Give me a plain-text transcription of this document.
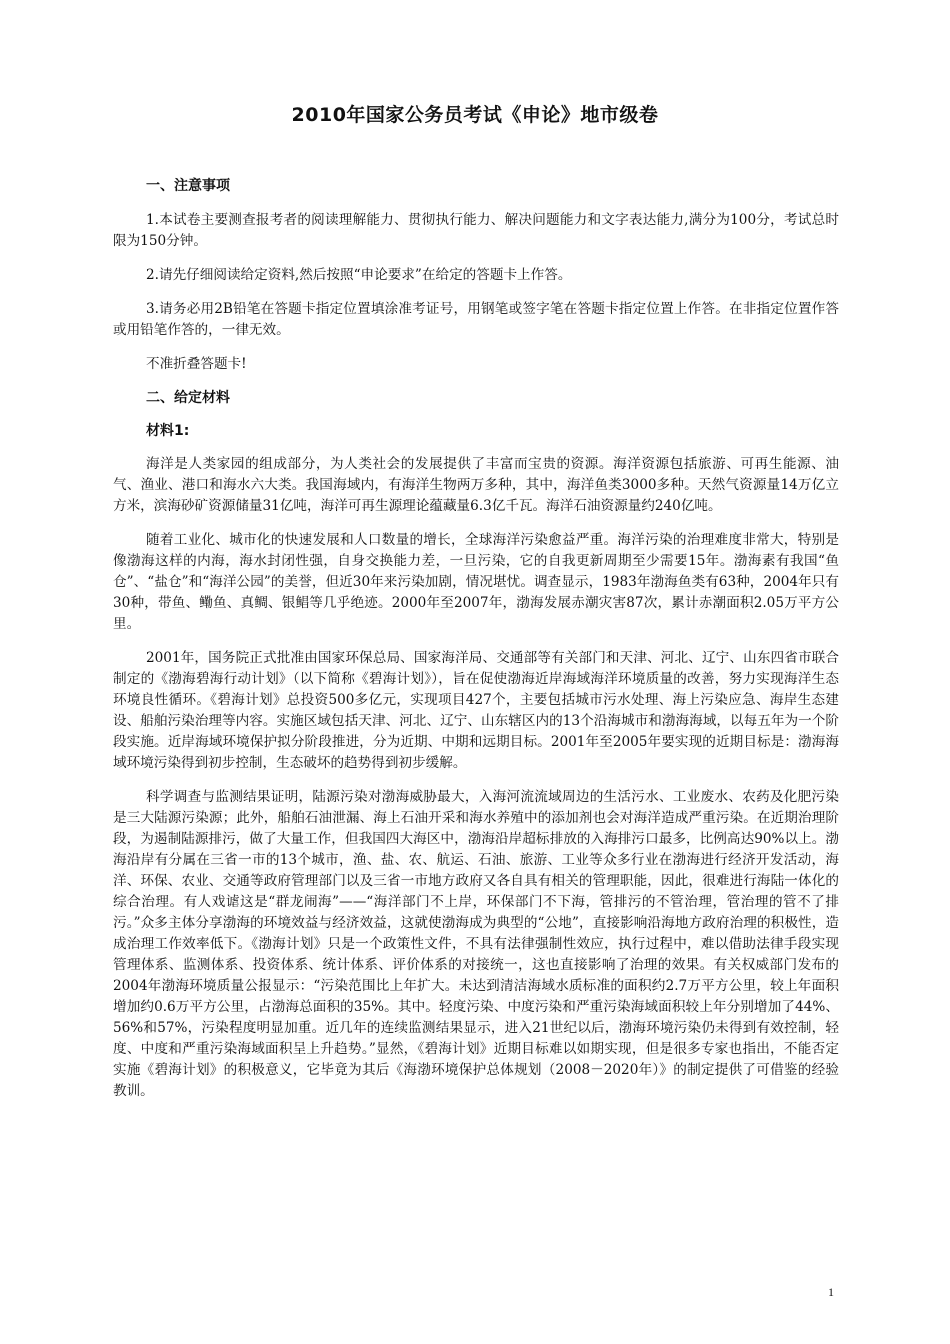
2010年国家公务员考试《申论》地市级卷

一、注意事项

1.本试卷主要测查报考者的阅读理解能力、贯彻执行能力、解决问题能力和文字表达能力,满分为100分，考试总时限为150分钟。

2.请先仔细阅读给定资料,然后按照“申论要求”在给定的答题卡上作答。

3.请务必用2B铅笔在答题卡指定位置填涂准考证号，用钢笔或签字笔在答题卡指定位置上作答。在非指定位置作答或用铅笔作答的，一律无效。

不准折叠答题卡!

二、给定材料

材料1:

海洋是人类家园的组成部分，为人类社会的发展提供了丰富而宝贵的资源。海洋资源包括旅游、可再生能源、油气、渔业、港口和海水六大类。我国海域内，有海洋生物两万多种，其中，海洋鱼类3000多种。天然气资源量14万亿立方米，滨海砂矿资源储量31亿吨，海洋可再生源理论蕴藏量6.3亿千瓦。海洋石油资源量约240亿吨。

随着工业化、城市化的快速发展和人口数量的增长，全球海洋污染愈益严重。海洋污染的治理难度非常大，特别是像渤海这样的内海，海水封闭性强，自身交换能力差，一旦污染，它的自我更新周期至少需要15年。渤海素有我国“鱼仓”、“盐仓”和“海洋公园”的美誉，但近30年来污染加剧，情况堪忧。调查显示，1983年渤海鱼类有63种，2004年只有30种，带鱼、鳓鱼、真鲷、银鲳等几乎绝迹。2000年至2007年，渤海发展赤潮灾害87次，累计赤潮面积2.05万平方公里。

2001年，国务院正式批准由国家环保总局、国家海洋局、交通部等有关部门和天津、河北、辽宁、山东四省市联合制定的《渤海碧海行动计划》（以下简称《碧海计划》），旨在促使渤海近岸海域海洋环境质量的改善，努力实现海洋生态环境良性循环。《碧海计划》总投资500多亿元，实现项目427个，主要包括城市污水处理、海上污染应急、海岸生态建设、船舶污染治理等内容。实施区域包括天津、河北、辽宁、山东辖区内的13个沿海城市和渤海海域，以每五年为一个阶段实施。近岸海域环境保护拟分阶段推进，分为近期、中期和远期目标。2001年至2005年要实现的近期目标是：渤海海域环境污染得到初步控制，生态破坏的趋势得到初步缓解。

科学调查与监测结果证明，陆源污染对渤海威胁最大，入海河流流域周边的生活污水、工业废水、农药及化肥污染是三大陆源污染源；此外，船舶石油泄漏、海上石油开采和海水养殖中的添加剂也会对海洋造成严重污染。在近期治理阶段，为遏制陆源排污，做了大量工作，但我国四大海区中，渤海沿岸超标排放的入海排污口最多，比例高达90%以上。渤海沿岸有分属在三省一市的13个城市，渔、盐、农、航运、石油、旅游、工业等众多行业在渤海进行经济开发活动，海洋、环保、农业、交通等政府管理部门以及三省一市地方政府又各自具有相关的管理职能，因此，很难进行海陆一体化的综合治理。有人戏谑这是“群龙闹海”——“海洋部门不上岸，环保部门不下海，管排污的不管治理，管治理的管不了排污。”众多主体分享渤海的环境效益与经济效益，这就使渤海成为典型的“公地”，直接影响沿海地方政府治理的积极性，造成治理工作效率低下。《渤海计划》只是一个政策性文件，不具有法律强制性效应，执行过程中，难以借助法律手段实现管理体系、监测体系、投资体系、统计体系、评价体系的对接统一，这也直接影响了治理的效果。有关权威部门发布的2004年渤海环境质量公报显示：“污染范围比上年扩大。未达到清洁海域水质标准的面积约2.7万平方公里，较上年面积增加约0.6万平方公里，占渤海总面积的35%。其中。轻度污染、中度污染和严重污染海域面积较上年分别增加了44%、56%和57%，污染程度明显加重。近几年的连续监测结果显示，进入21世纪以后，渤海环境污染仍未得到有效控制，轻度、中度和严重污染海域面积呈上升趋势。”显然，《碧海计划》近期目标难以如期实现，但是很多专家也指出，不能否定实施《碧海计划》的积极意义，它毕竟为其后《海渤环境保护总体规划（2008－2020年）》的制定提供了可借鉴的经验教训。

1
